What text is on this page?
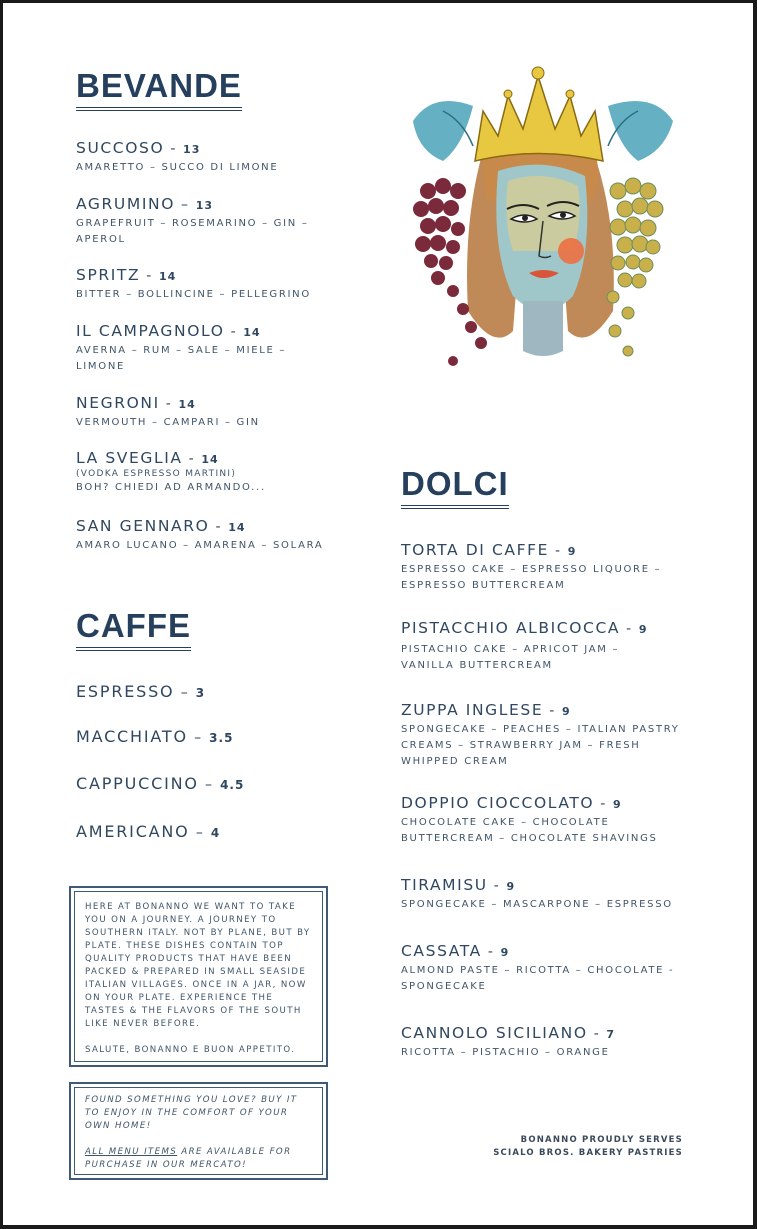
BEVANDE
SUCCOSO - 13
AMARETTO – SUCCO DI LIMONE
AGRUMINO – 13
GRAPEFRUIT – ROSEMARINO – GIN – APEROL
SPRITZ - 14
BITTER – BOLLINCINE – PELLEGRINO
IL CAMPAGNOLO - 14
AVERNA – RUM – SALE – MIELE – LIMONE
NEGRONI - 14
VERMOUTH – CAMPARI – GIN
LA SVEGLIA - 14
(VODKA ESPRESSO MARTINI)
BOH? CHIEDI AD ARMANDO...
SAN GENNARO - 14
AMARO LUCANO – AMARENA – SOLARA
CAFFE
ESPRESSO – 3
MACCHIATO – 3.5
CAPPUCCINO – 4.5
AMERICANO – 4

HERE AT BONANNO WE WANT TO TAKE YOU ON A JOURNEY. A JOURNEY TO SOUTHERN ITALY. NOT BY PLANE, BUT BY PLATE. THESE DISHES CONTAIN TOP QUALITY PRODUCTS THAT HAVE BEEN PACKED & PREPARED IN SMALL SEASIDE ITALIAN VILLAGES. ONCE IN A JAR, NOW ON YOUR PLATE. EXPERIENCE THE TASTES & THE FLAVORS OF THE SOUTH LIKE NEVER BEFORE.

SALUTE, BONANNO E BUON APPETITO.

FOUND SOMETHING YOU LOVE? BUY IT TO ENJOY IN THE COMFORT OF YOUR OWN HOME!

ALL MENU ITEMS ARE AVAILABLE FOR PURCHASE IN OUR MERCATO!

DOLCI
TORTA DI CAFFE - 9
ESPRESSO CAKE – ESPRESSO LIQUORE – ESPRESSO BUTTERCREAM
PISTACCHIO ALBICOCCA - 9
PISTACHIO CAKE – APRICOT JAM – VANILLA BUTTERCREAM
ZUPPA INGLESE - 9
SPONGECAKE – PEACHES – ITALIAN PASTRY CREAMS – STRAWBERRY JAM – FRESH WHIPPED CREAM
DOPPIO CIOCCOLATO - 9
CHOCOLATE CAKE – CHOCOLATE BUTTERCREAM – CHOCOLATE SHAVINGS
TIRAMISU - 9
SPONGECAKE – MASCARPONE – ESPRESSO
CASSATA - 9
ALMOND PASTE – RICOTTA – CHOCOLATE - SPONGECAKE
CANNOLO SICILIANO - 7
RICOTTA – PISTACHIO – ORANGE
BONANNO PROUDLY SERVES
SCIALO BROS. BAKERY PASTRIES
